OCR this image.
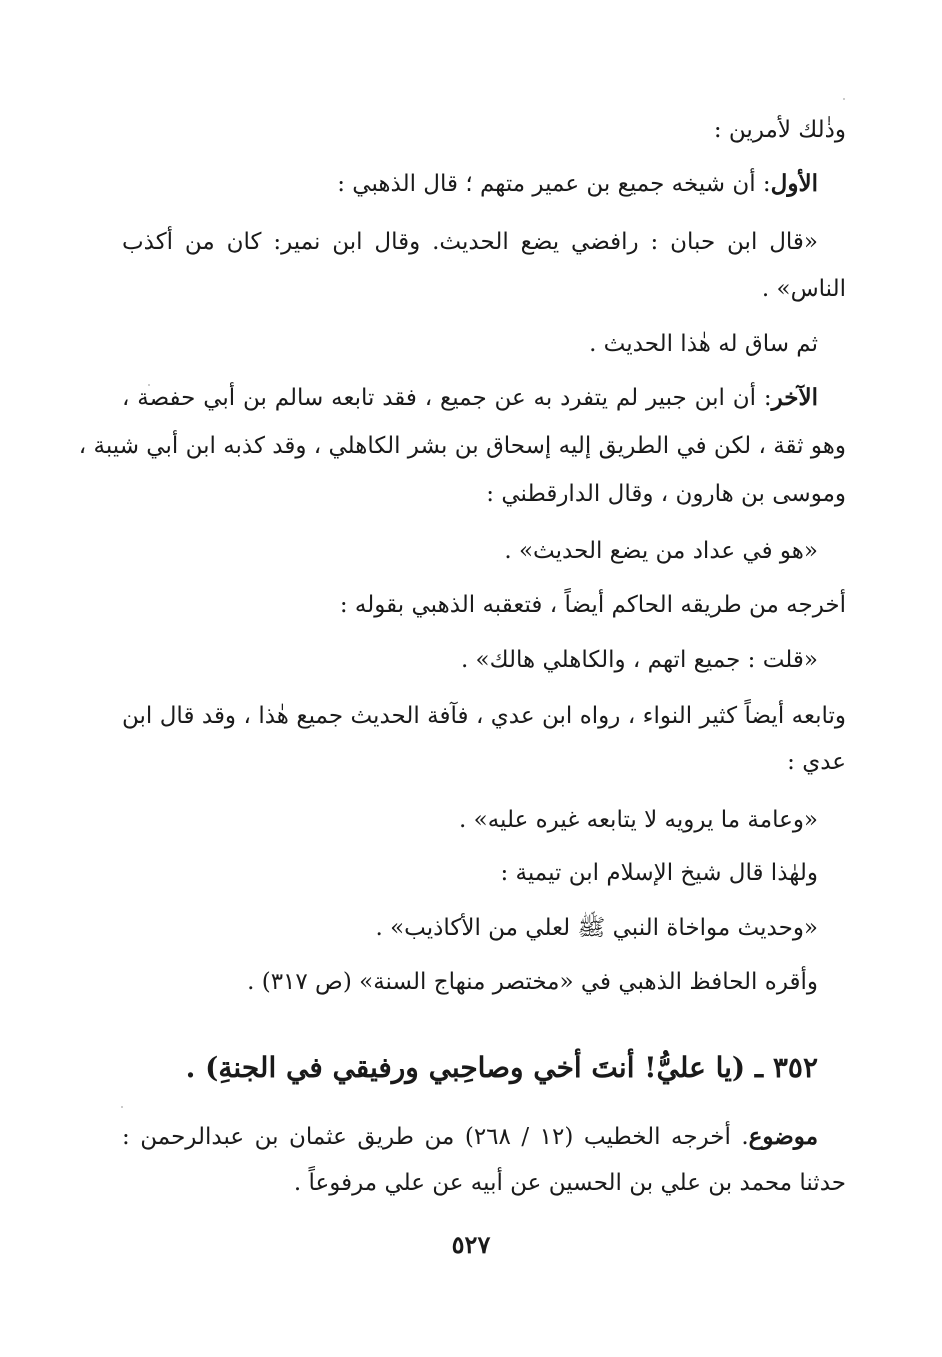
وذٰلك لأمرين :
الأول: أن شيخه جميع بن عمير متهم ؛ قال الذهبي :
«قال ابن حبان : رافضي يضع الحديث. وقال ابن نمير: كان من أكذب
الناس» .
ثم ساق له هٰذا الحديث .
الآخر: أن ابن جبير لم يتفرد به عن جميع ، فقد تابعه سالم بن أبي حفصة ،
وهو ثقة ، لكن في الطريق إليه إسحاق بن بشر الكاهلي ، وقد كذبه ابن أبي شيبة ،
وموسى بن هارون ، وقال الدارقطني :
«هو في عداد من يضع الحديث» .
أخرجه من طريقه الحاكم أيضاً ، فتعقبه الذهبي بقوله :
«قلت : جميع اتهم ، والكاهلي هالك» .
وتابعه أيضاً كثير النواء ، رواه ابن عدي ، فآفة الحديث جميع هٰذا ، وقد قال ابن
عدي :
«وعامة ما يرويه لا يتابعه غيره عليه» .
ولهٰذا قال شيخ الإسلام ابن تيمية :
«وحديث مواخاة النبي ﷺ لعلي من الأكاذيب» .
وأقره الحافظ الذهبي في «مختصر منهاج السنة» (ص ٣١٧) .
٣٥٢ ـ (يا عليُّ! أنتَ أخي وصاحِبي ورفيقي في الجنةِ) .
موضوع. أخرجه الخطيب (١٢ / ٢٦٨) من طريق عثمان بن عبدالرحمن :
حدثنا محمد بن علي بن الحسين عن أبيه عن علي مرفوعاً .
٥٢٧
